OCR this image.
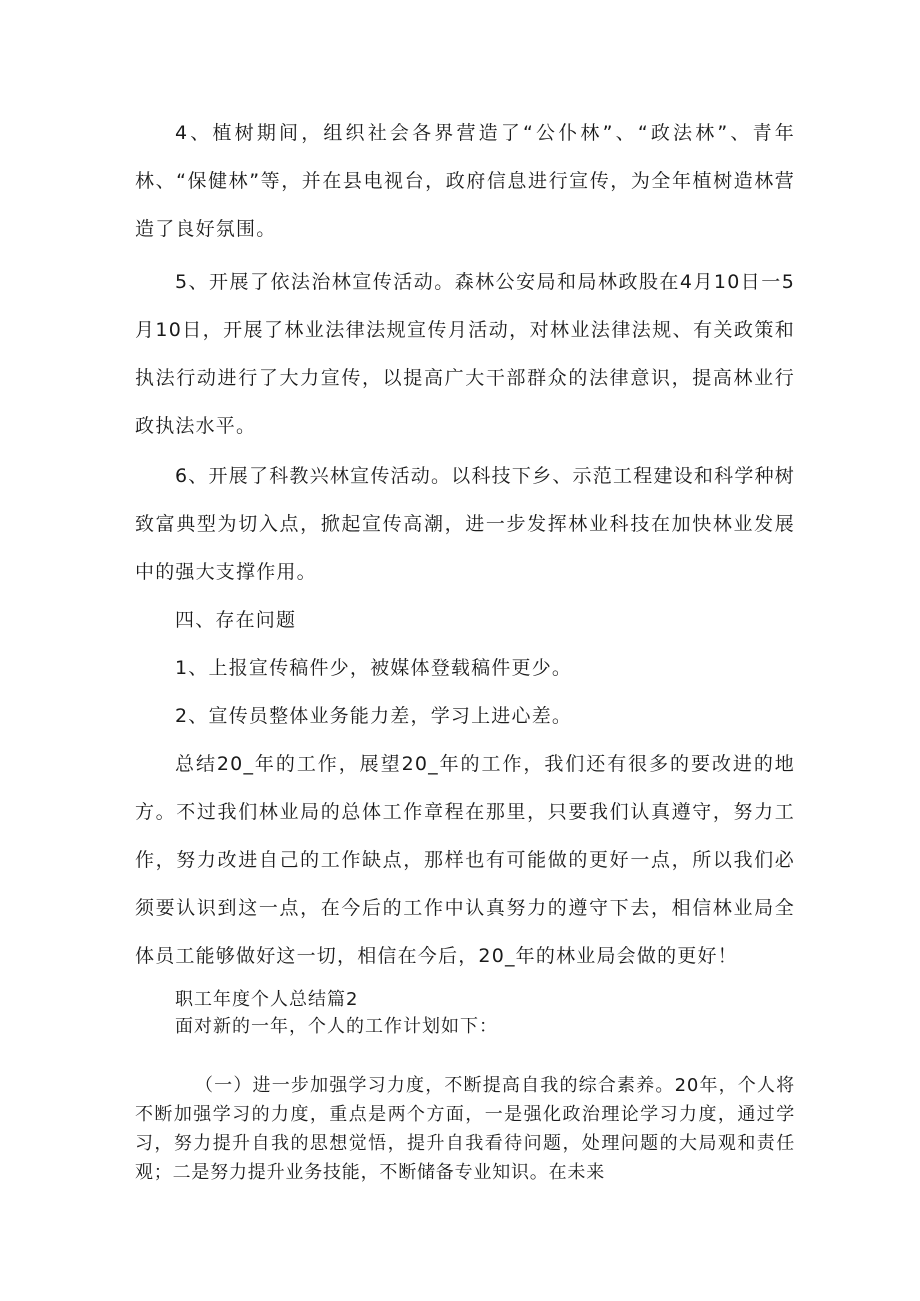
4、植树期间，组织社会各界营造了“公仆林”、“政法林”、青年林、“保健林”等，并在县电视台，政府信息进行宣传，为全年植树造林营造了良好氛围。

5、开展了依法治林宣传活动。森林公安局和局林政股在4月10日一5月10日，开展了林业法律法规宣传月活动，对林业法律法规、有关政策和执法行动进行了大力宣传，以提高广大干部群众的法律意识，提高林业行政执法水平。

6、开展了科教兴林宣传活动。以科技下乡、示范工程建设和科学种树致富典型为切入点，掀起宣传高潮，进一步发挥林业科技在加快林业发展中的强大支撑作用。

四、存在问题

1、上报宣传稿件少，被媒体登载稿件更少。

2、宣传员整体业务能力差，学习上进心差。

总结20_年的工作，展望20_年的工作，我们还有很多的要改进的地方。不过我们林业局的总体工作章程在那里，只要我们认真遵守，努力工作，努力改进自己的工作缺点，那样也有可能做的更好一点，所以我们必须要认识到这一点，在今后的工作中认真努力的遵守下去，相信林业局全体员工能够做好这一切，相信在今后，20_年的林业局会做的更好！

职工年度个人总结篇2

面对新的一年，个人的工作计划如下：

（一）进一步加强学习力度，不断提高自我的综合素养。20年，个人将不断加强学习的力度，重点是两个方面，一是强化政治理论学习力度，通过学习，努力提升自我的思想觉悟，提升自我看待问题，处理问题的大局观和责任观；二是努力提升业务技能，不断储备专业知识。在未来
